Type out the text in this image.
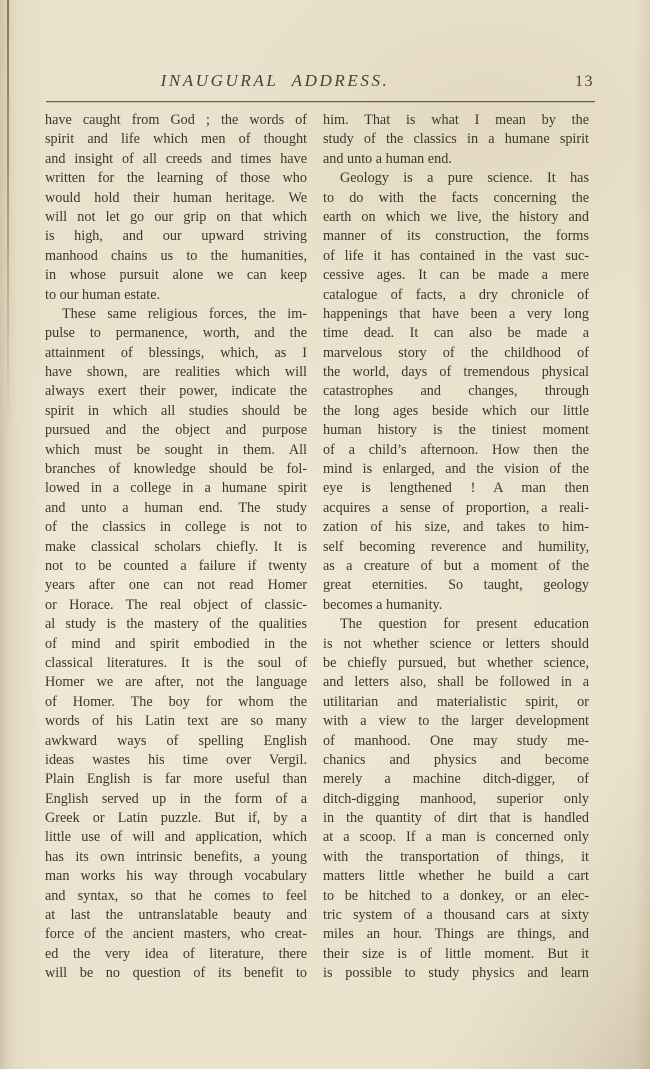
INAUGURAL ADDRESS.	13
have caught from God ; the words of
spirit and life which men of thought
and insight of all creeds and times have
written for the learning of those who
would hold their human heritage. We
will not let go our grip on that which
is high, and our upward striving
manhood chains us to the humanities,
in whose pursuit alone we can keep
to our human estate.
These same religious forces, the im-
pulse to permanence, worth, and the
attainment of blessings, which, as I
have shown, are realities which will
always exert their power, indicate the
spirit in which all studies should be
pursued and the object and purpose
which must be sought in them. All
branches of knowledge should be fol-
lowed in a college in a humane spirit
and unto a human end. The study
of the classics in college is not to
make classical scholars chiefly. It is
not to be counted a failure if twenty
years after one can not read Homer
or Horace. The real object of classic-
al study is the mastery of the qualities
of mind and spirit embodied in the
classical literatures. It is the soul of
Homer we are after, not the language
of Homer. The boy for whom the
words of his Latin text are so many
awkward ways of spelling English
ideas wastes his time over Vergil.
Plain English is far more useful than
English served up in the form of a
Greek or Latin puzzle. But if, by a
little use of will and application, which
has its own intrinsic benefits, a young
man works his way through vocabulary
and syntax, so that he comes to feel
at last the untranslatable beauty and
force of the ancient masters, who creat-
ed the very idea of literature, there
will be no question of its benefit to
him. That is what I mean by the
study of the classics in a humane spirit
and unto a human end.
Geology is a pure science. It has
to do with the facts concerning the
earth on which we live, the history and
manner of its construction, the forms
of life it has contained in the vast suc-
cessive ages. It can be made a mere
catalogue of facts, a dry chronicle of
happenings that have been a very long
time dead. It can also be made a
marvelous story of the childhood of
the world, days of tremendous physical
catastrophes and changes, through
the long ages beside which our little
human history is the tiniest moment
of a child’s afternoon. How then the
mind is enlarged, and the vision of the
eye is lengthened ! A man then
acquires a sense of proportion, a reali-
zation of his size, and takes to him-
self becoming reverence and humility,
as a creature of but a moment of the
great eternities. So taught, geology
becomes a humanity.
The question for present education
is not whether science or letters should
be chiefly pursued, but whether science,
and letters also, shall be followed in a
utilitarian and materialistic spirit, or
with a view to the larger development
of manhood. One may study me-
chanics and physics and become
merely a machine ditch-digger, of
ditch-digging manhood, superior only
in the quantity of dirt that is handled
at a scoop. If a man is concerned only
with the transportation of things, it
matters little whether he build a cart
to be hitched to a donkey, or an elec-
tric system of a thousand cars at sixty
miles an hour. Things are things, and
their size is of little moment. But it
is possible to study physics and learn
